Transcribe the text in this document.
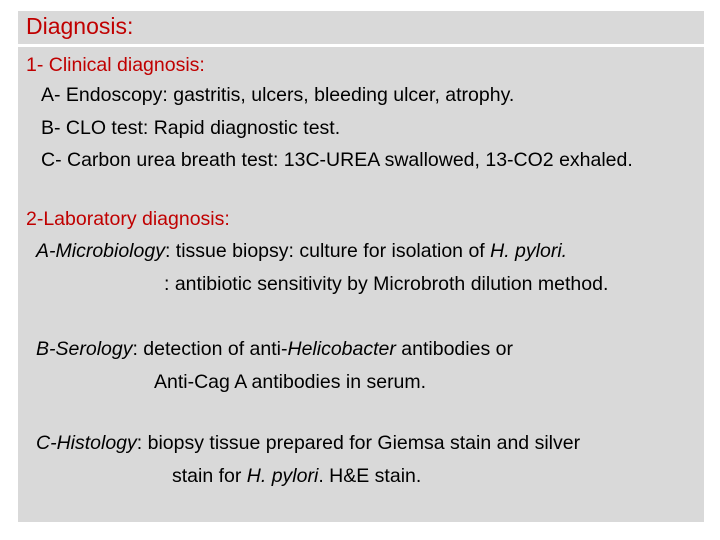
Diagnosis:
1- Clinical diagnosis:
A- Endoscopy: gastritis, ulcers, bleeding ulcer, atrophy.
B- CLO test: Rapid diagnostic test.
C- Carbon urea breath test: 13C-UREA swallowed, 13-CO2 exhaled.
2-Laboratory diagnosis:
A-Microbiology: tissue biopsy: culture for isolation of H. pylori.
: antibiotic sensitivity by Microbroth dilution method.
B-Serology: detection of anti-Helicobacter antibodies or
Anti-Cag A antibodies in serum.
C-Histology: biopsy tissue prepared for Giemsa stain and silver
stain for H. pylori. H&E stain.
